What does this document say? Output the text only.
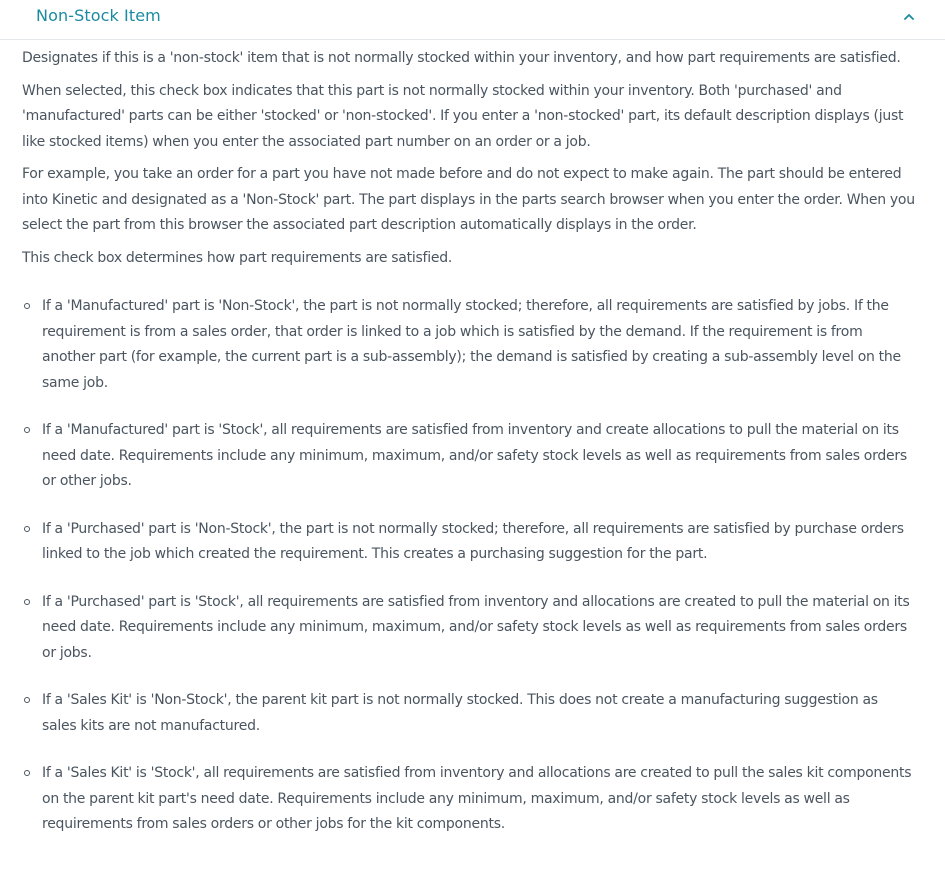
Non-Stock Item

Designates if this is a 'non-stock' item that is not normally stocked within your inventory, and how part requirements are satisfied.

When selected, this check box indicates that this part is not normally stocked within your inventory. Both 'purchased' and 'manufactured' parts can be either 'stocked' or 'non-stocked'. If you enter a 'non-stocked' part, its default description displays (just like stocked items) when you enter the associated part number on an order or a job.

For example, you take an order for a part you have not made before and do not expect to make again. The part should be entered into Kinetic and designated as a 'Non-Stock' part. The part displays in the parts search browser when you enter the order. When you select the part from this browser the associated part description automatically displays in the order.

This check box determines how part requirements are satisfied.

If a 'Manufactured' part is 'Non-Stock', the part is not normally stocked; therefore, all requirements are satisfied by jobs. If the requirement is from a sales order, that order is linked to a job which is satisfied by the demand. If the requirement is from another part (for example, the current part is a sub-assembly); the demand is satisfied by creating a sub-assembly level on the same job.
If a 'Manufactured' part is 'Stock', all requirements are satisfied from inventory and create allocations to pull the material on its need date. Requirements include any minimum, maximum, and/or safety stock levels as well as requirements from sales orders or other jobs.
If a 'Purchased' part is 'Non-Stock', the part is not normally stocked; therefore, all requirements are satisfied by purchase orders linked to the job which created the requirement. This creates a purchasing suggestion for the part.
If a 'Purchased' part is 'Stock', all requirements are satisfied from inventory and allocations are created to pull the material on its need date. Requirements include any minimum, maximum, and/or safety stock levels as well as requirements from sales orders or jobs.
If a 'Sales Kit' is 'Non-Stock', the parent kit part is not normally stocked. This does not create a manufacturing suggestion as sales kits are not manufactured.
If a 'Sales Kit' is 'Stock', all requirements are satisfied from inventory and allocations are created to pull the sales kit components on the parent kit part's need date. Requirements include any minimum, maximum, and/or safety stock levels as well as requirements from sales orders or other jobs for the kit components.
